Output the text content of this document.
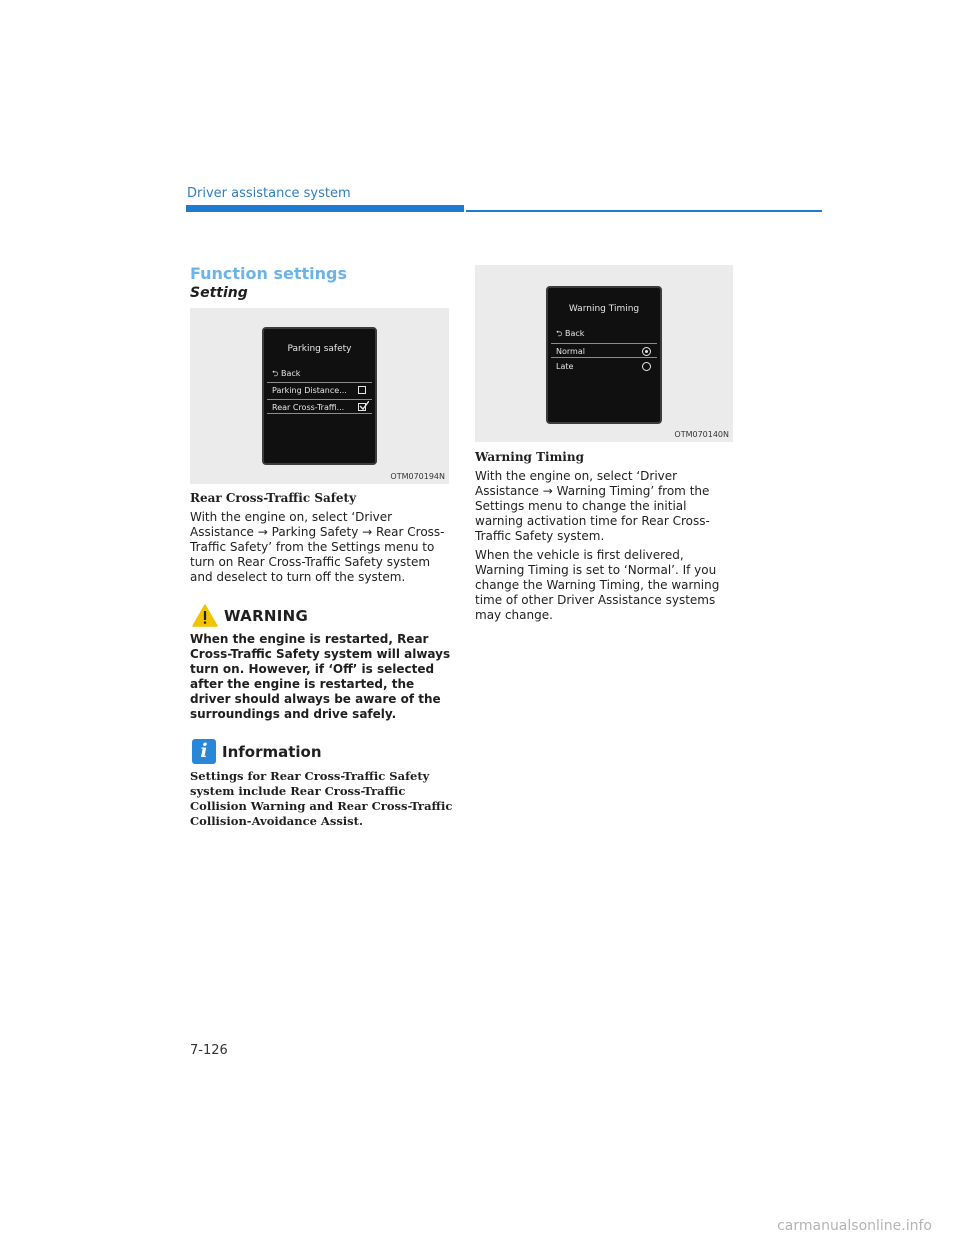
Driver assistance system
Function settings
Setting
Parking safety
⮌ Back
Parking Distance...
Rear Cross-Traffi...
OTM070194N
Rear Cross-Traffic Safety
With the engine on, select ‘Driver Assistance → Parking Safety → Rear Cross-Traffic Safety’ from the Settings menu to turn on Rear Cross-Traffic Safety system and deselect to turn off the system.
WARNING
When the engine is restarted, Rear Cross-Traffic Safety system will always turn on. However, if ‘Off’ is selected after the engine is restarted, the driver should always be aware of the surroundings and drive safely.
i Information
Settings for Rear Cross-Traffic Safety system include Rear Cross-Traffic Collision Warning and Rear Cross-Traffic Collision-Avoidance Assist.
Warning Timing
⮌ Back
Normal
Late
OTM070140N
Warning Timing
With the engine on, select ‘Driver Assistance → Warning Timing’ from the Settings menu to change the initial warning activation time for Rear Cross-Traffic Safety system.
When the vehicle is first delivered, Warning Timing is set to ‘Normal’. If you change the Warning Timing, the warning time of other Driver Assistance systems may change.
7-126
carmanualsonline.info
